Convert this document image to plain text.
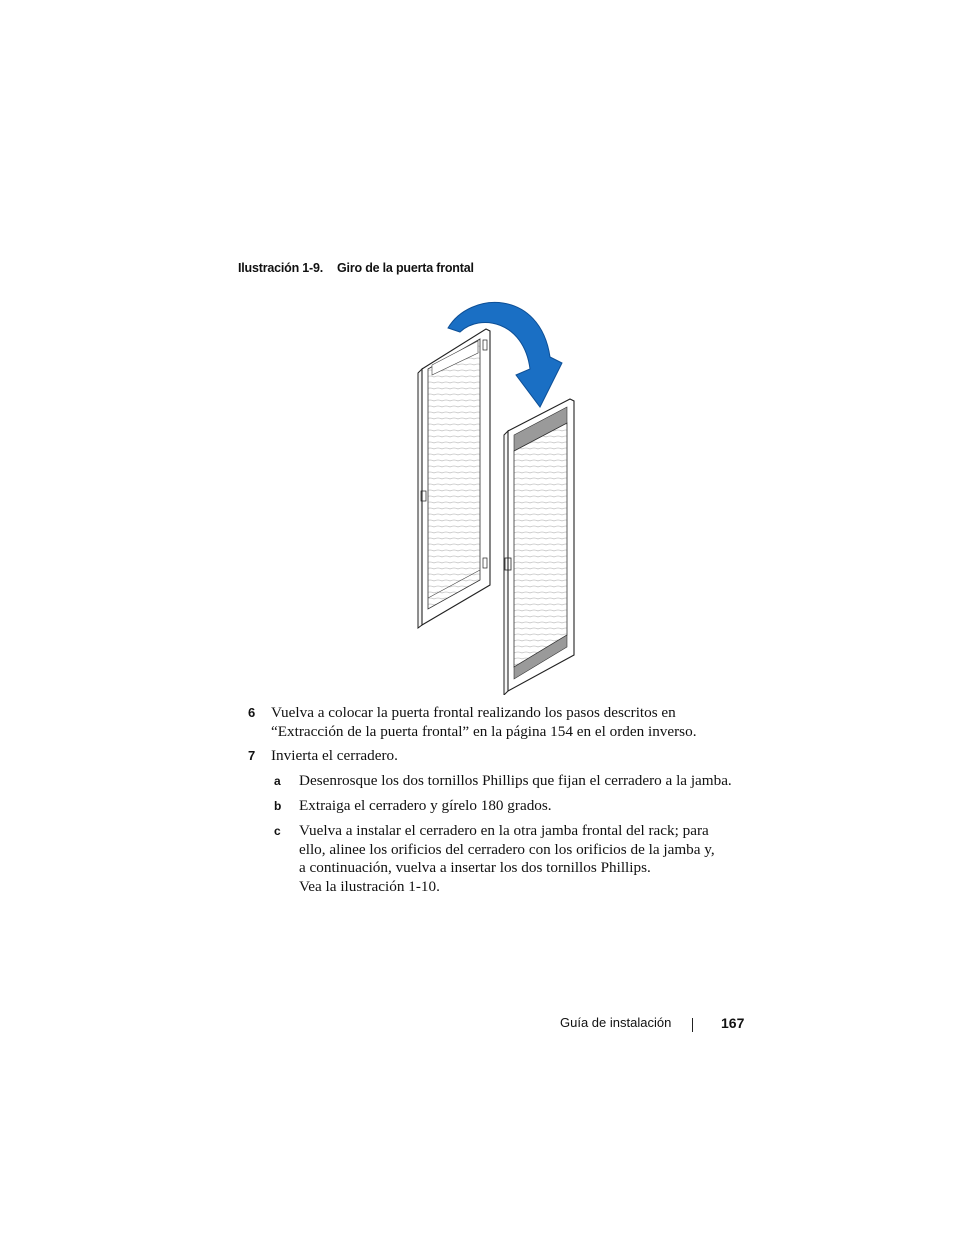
Ilustración 1-9. Giro de la puerta frontal
6 Vuelva a colocar la puerta frontal realizando los pasos descritos en
“Extracción de la puerta frontal” en la página 154 en el orden inverso.
7 Invierta el cerradero.
a Desenrosque los dos tornillos Phillips que fijan el cerradero a la jamba.
b Extraiga el cerradero y gírelo 180 grados.
c Vuelva a instalar el cerradero en la otra jamba frontal del rack; para
ello, alinee los orificios del cerradero con los orificios de la jamba y,
a continuación, vuelva a insertar los dos tornillos Phillips.
Vea la ilustración 1-10.
Guía de instalación	167
